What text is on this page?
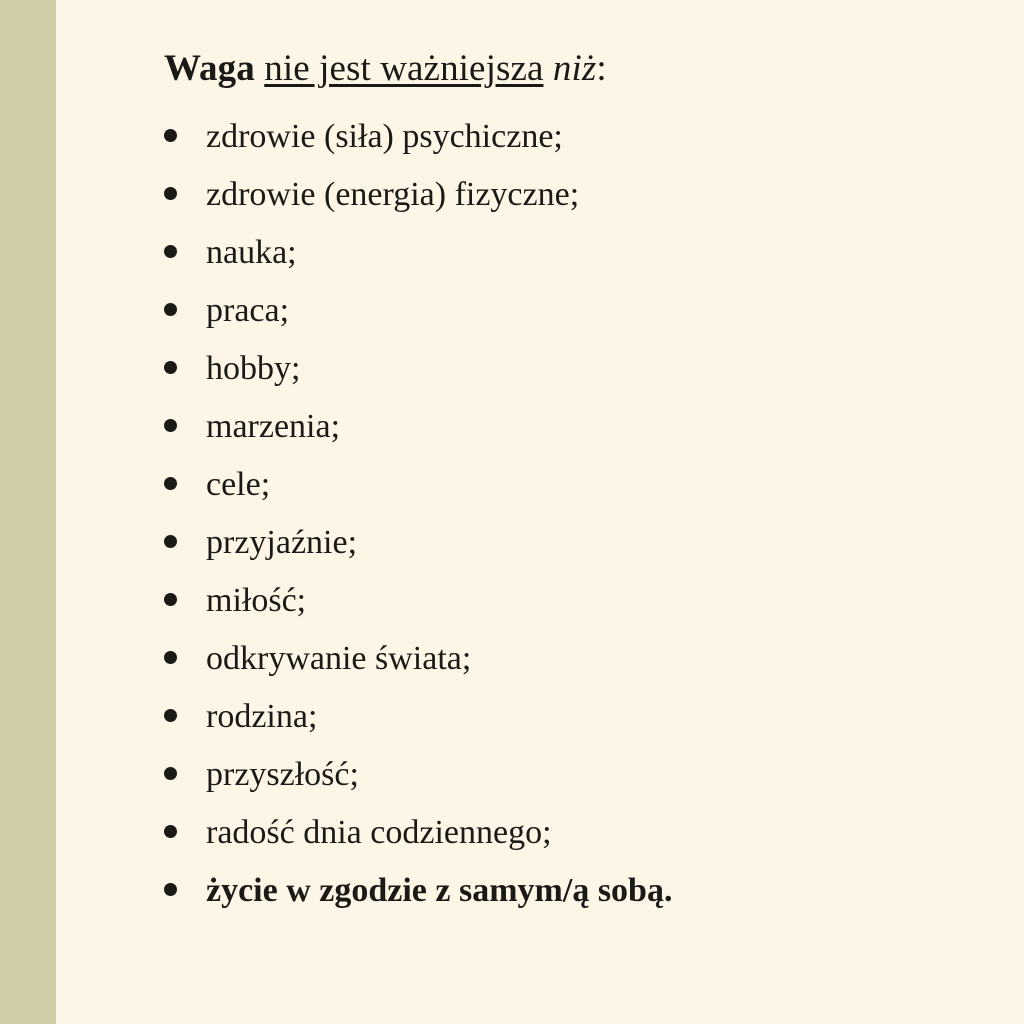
Waga nie jest ważniejsza niż:

zdrowie (siła) psychiczne;
zdrowie (energia) fizyczne;
nauka;
praca;
hobby;
marzenia;
cele;
przyjaźnie;
miłość;
odkrywanie świata;
rodzina;
przyszłość;
radość dnia codziennego;
życie w zgodzie z samym/ą sobą.
